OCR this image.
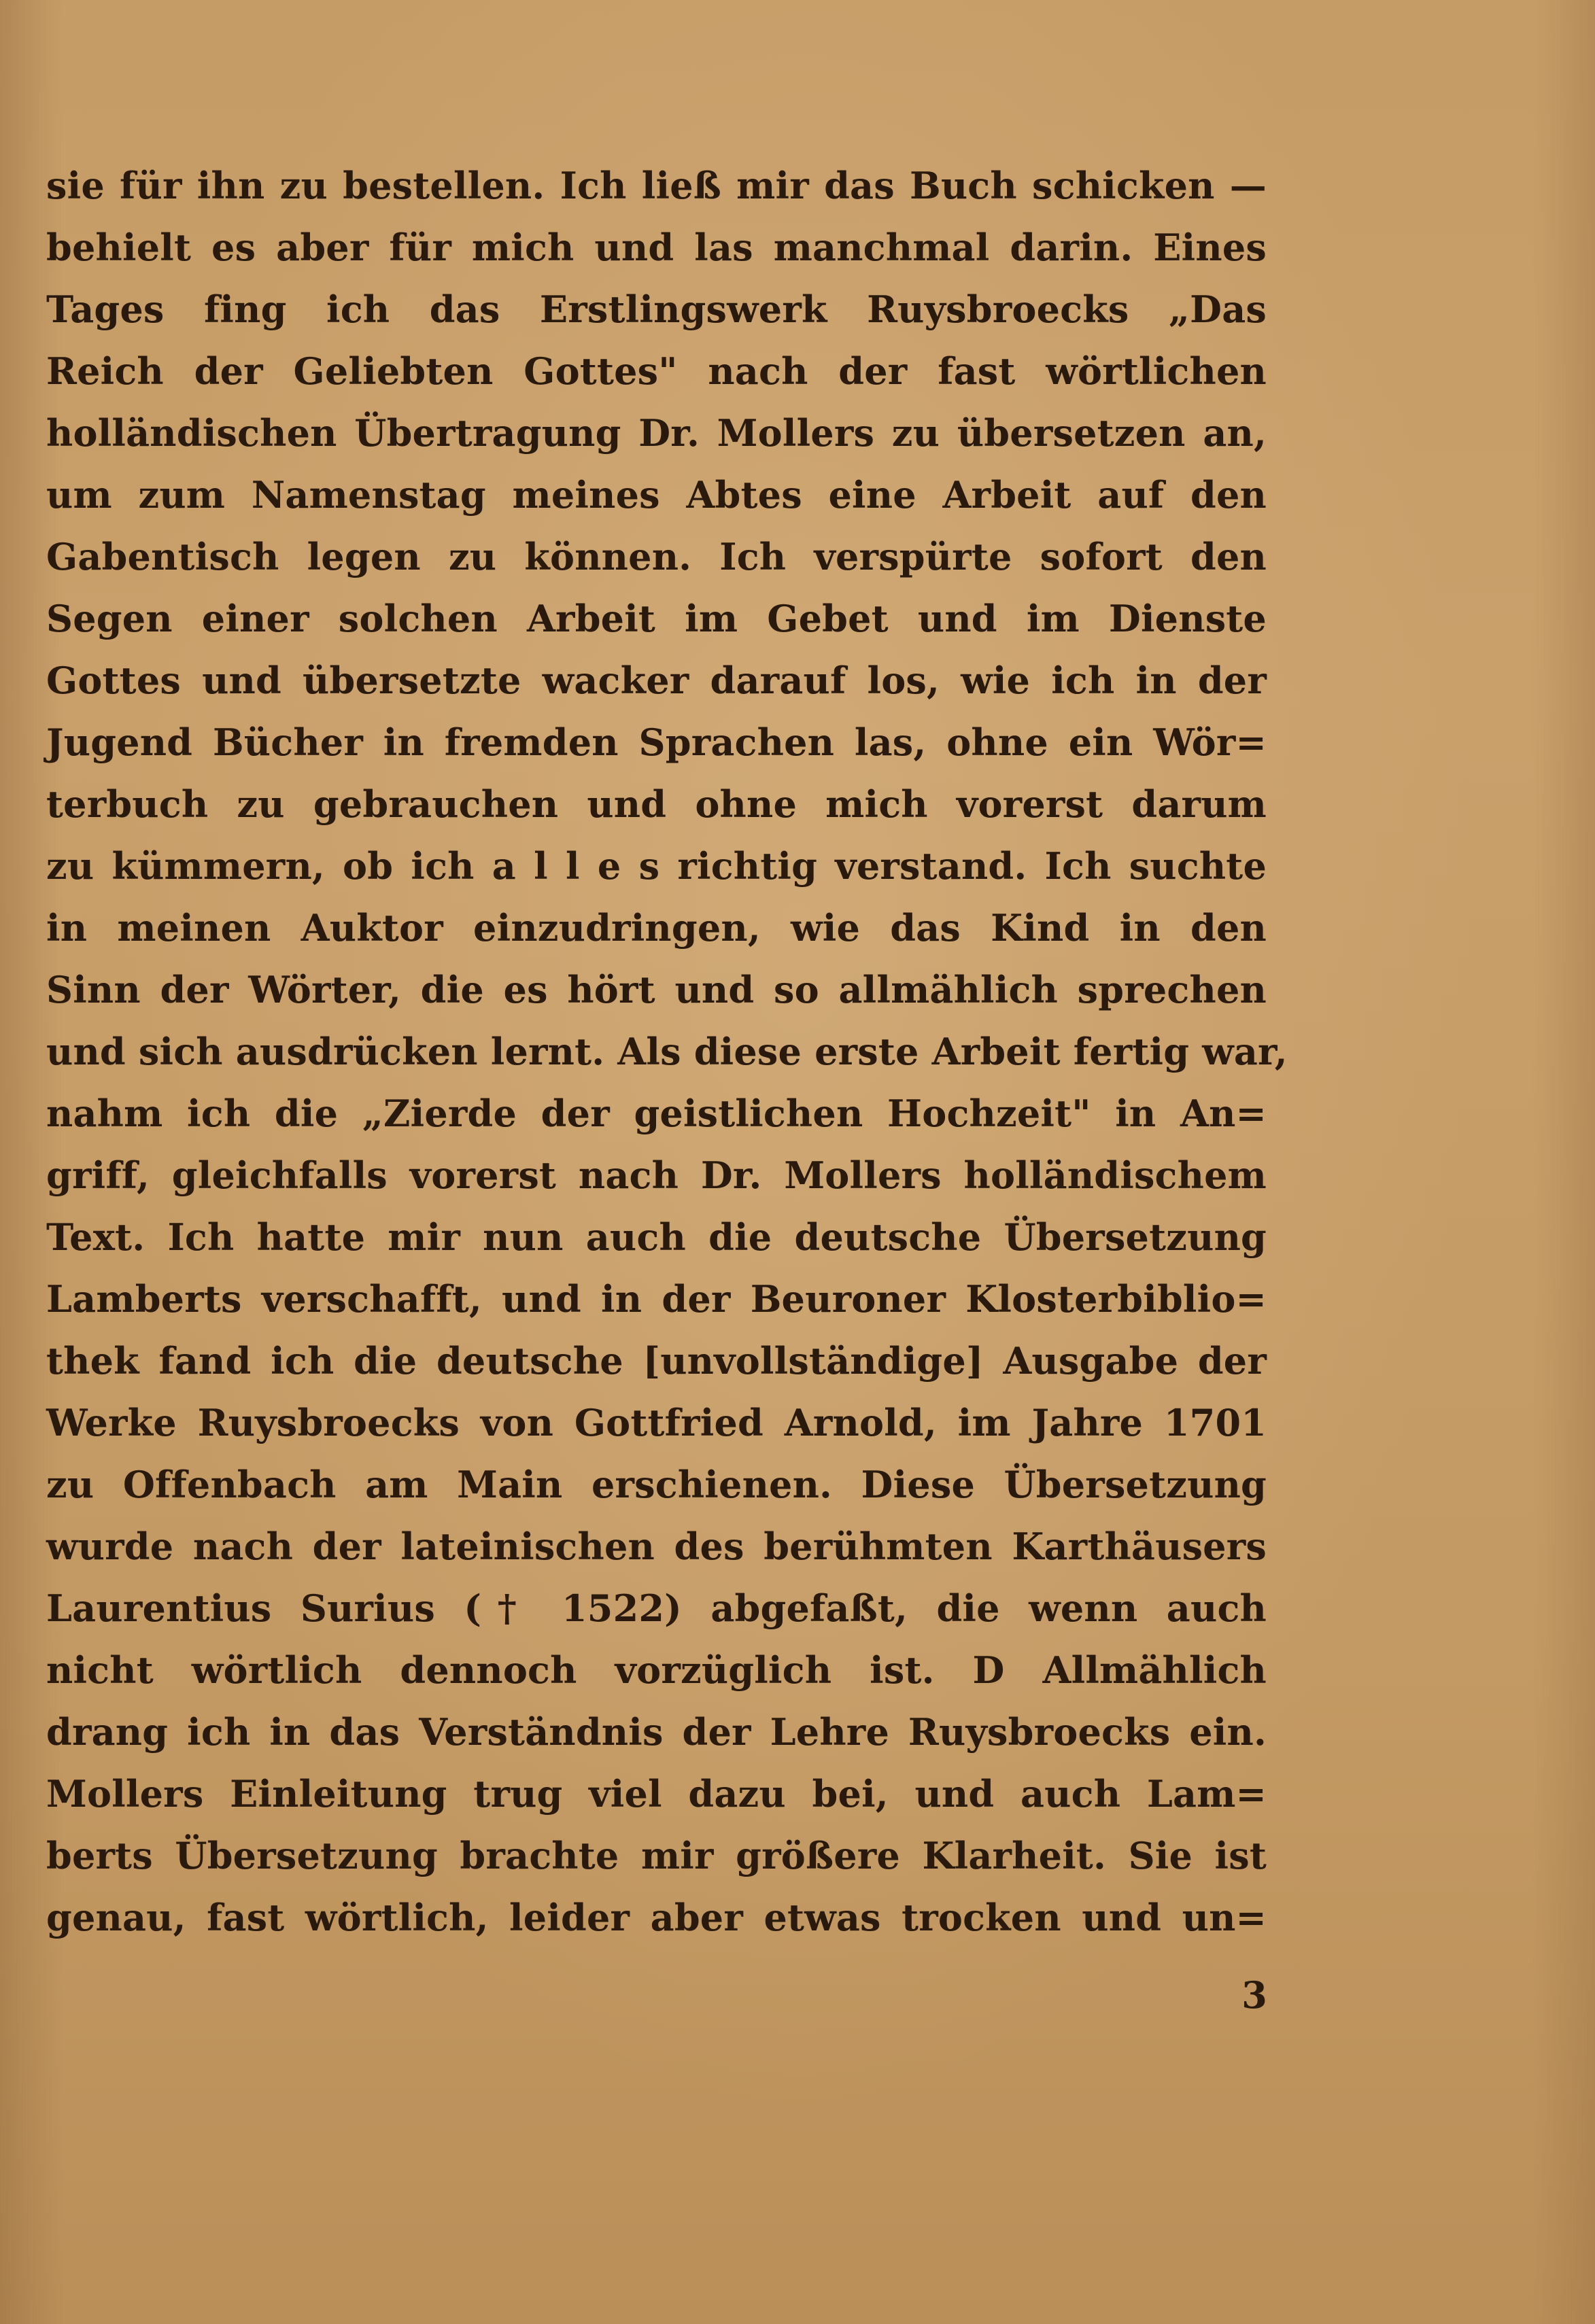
sie für ihn zu bestellen. Ich ließ mir das Buch schicken —
behielt es aber für mich und las manchmal darin. Eines
Tages fing ich das Erstlingswerk Ruysbroecks „Das
Reich der Geliebten Gottes" nach der fast wörtlichen
holländischen Übertragung Dr. Mollers zu übersetzen an,
um zum Namenstag meines Abtes eine Arbeit auf den
Gabentisch legen zu können. Ich verspürte sofort den
Segen einer solchen Arbeit im Gebet und im Dienste
Gottes und übersetzte wacker darauf los, wie ich in der
Jugend Bücher in fremden Sprachen las, ohne ein Wör=
terbuch zu gebrauchen und ohne mich vorerst darum
zu kümmern, ob ich a l l e s richtig verstand. Ich suchte
in meinen Auktor einzudringen, wie das Kind in den
Sinn der Wörter, die es hört und so allmählich sprechen
und sich ausdrücken lernt. Als diese erste Arbeit fertig war,
nahm ich die „Zierde der geistlichen Hochzeit" in An=
griff, gleichfalls vorerst nach Dr. Mollers holländischem
Text. Ich hatte mir nun auch die deutsche Übersetzung
Lamberts verschafft, und in der Beuroner Klosterbiblio=
thek fand ich die deutsche [unvollständige] Ausgabe der
Werke Ruysbroecks von Gottfried Arnold, im Jahre 1701
zu Offenbach am Main erschienen. Diese Übersetzung
wurde nach der lateinischen des berühmten Karthäusers
Laurentius Surius († 1522) abgefaßt, die wenn auch
nicht wörtlich dennoch vorzüglich ist. D Allmählich
drang ich in das Verständnis der Lehre Ruysbroecks ein.
Mollers Einleitung trug viel dazu bei, und auch Lam=
berts Übersetzung brachte mir größere Klarheit. Sie ist
genau, fast wörtlich, leider aber etwas trocken und un=
3
